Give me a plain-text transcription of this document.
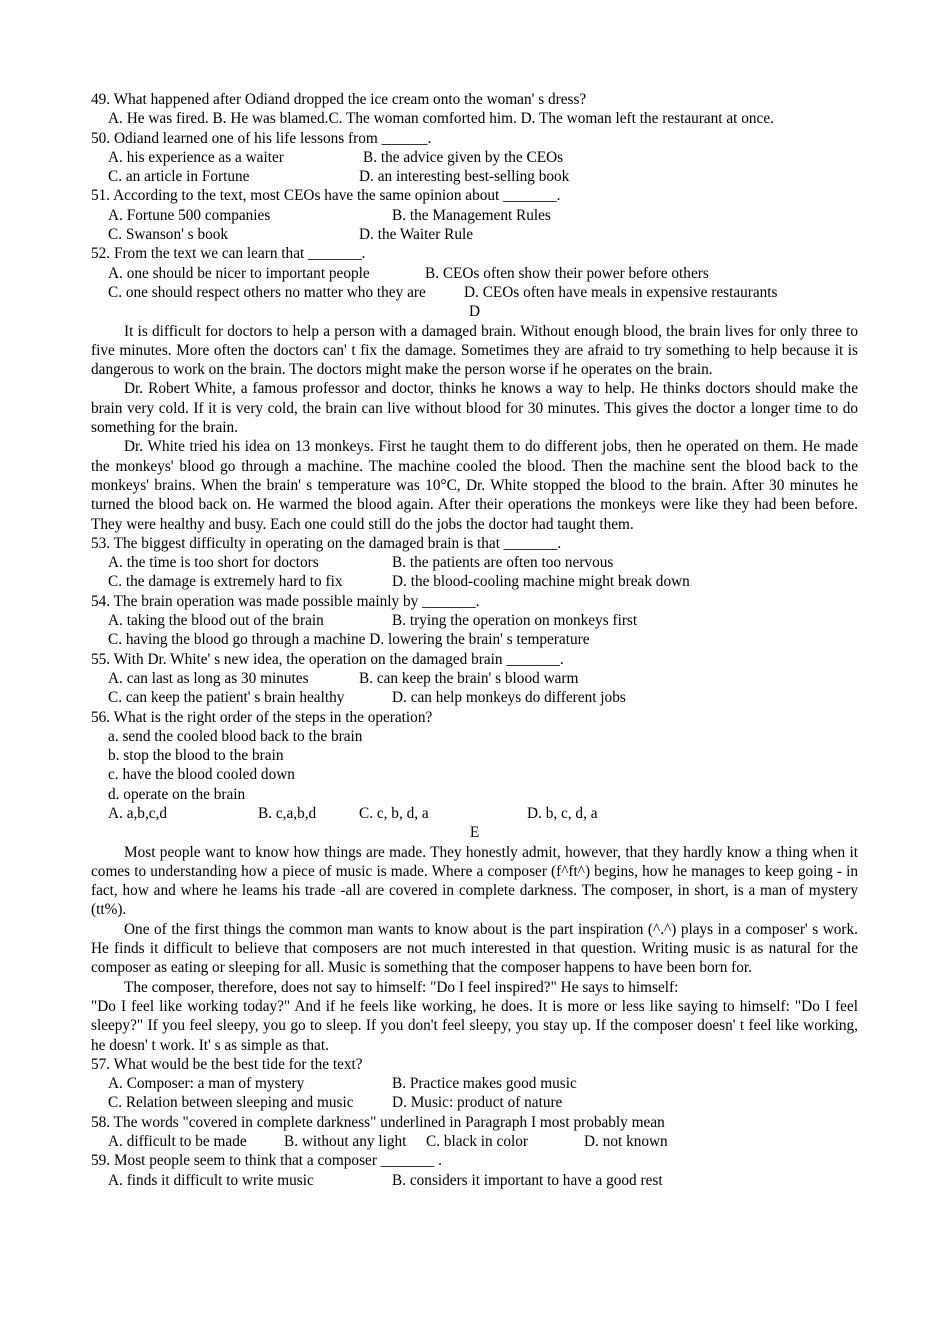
49. What happened after Odiand dropped the ice cream onto the woman' s dress?
A. He was fired. B. He was blamed.C. The woman comforted him. D. The woman left the restaurant at once.
50. Odiand learned one of his life lessons from ______.

A. his experience as a waiter

	B. the advice given by the CEOs

C. an article in Fortune

	D. an interesting best-selling book

51. According to the text, most CEOs have the same opinion about _______.

A. Fortune 500 companies

	B. the Management Rules

C. Swanson' s book

	D. the Waiter Rule

52. From the text we can learn that _______.

A. one should be nicer to important people

	B. CEOs often show their power before others

C. one should respect others no matter who they are

	D. CEOs often have meals in expensive restaurants

D
It is difficult for doctors to help a person with a damaged brain. Without enough blood, the brain lives for only three to five minutes. More often the doctors can' t fix the damage. Sometimes they are afraid to try something to help because it is dangerous to work on the brain. The doctors might make the person worse if he operates on the brain.
Dr. Robert White, a famous professor and doctor, thinks he knows a way to help. He thinks doctors should make the brain very cold. If it is very cold, the brain can live without blood for 30 minutes. This gives the doctor a longer time to do something for the brain.
Dr. White tried his idea on 13 monkeys. First he taught them to do different jobs, then he operated on them. He made the monkeys' blood go through a machine. The machine cooled the blood. Then the machine sent the blood back to the monkeys' brains. When the brain' s temperature was 10°C, Dr. White stopped the blood to the brain. After 30 minutes he turned the blood back on. He warmed the blood again. After their operations the monkeys were like they had been before. They were healthy and busy. Each one could still do the jobs the doctor had taught them.
53. The biggest difficulty in operating on the damaged brain is that _______.

A. the time is too short for doctors

	B. the patients are often too nervous

C. the damage is extremely hard to fix

	D. the blood-cooling machine might break down

54. The brain operation was made possible mainly by _______.

A. taking the blood out of the brain

	B. trying the operation on monkeys first

C. having the blood go through a machine D. lowering the brain' s temperature
55. With Dr. White' s new idea, the operation on the damaged brain _______.

A. can last as long as 30 minutes

	B. can keep the brain' s blood warm

C. can keep the patient' s brain healthy

	D. can help monkeys do different jobs

56. What is the right order of the steps in the operation?
a. send the cooled blood back to the brain
b. stop the blood to the brain
c. have the blood cooled down
d. operate on the brain

A. a,b,c,d

	B. c,a,b,d

	C. c, b, d, a

	D. b, c, d, a

E
Most people want to know how things are made. They honestly admit, however, that they hardly know a thing when it comes to understanding how a piece of music is made. Where a composer (f^ft^) begins, how he manages to keep going - in fact, how and where he leams his trade -all are covered in complete darkness. The composer, in short, is a man of mystery (tt%).
One of the first things the common man wants to know about is the part inspiration (^.^) plays in a composer' s work. He finds it difficult to believe that composers are not much interested in that question. Writing music is as natural for the composer as eating or sleeping for all. Music is something that the composer happens to have been born for.
The composer, therefore, does not say to himself: "Do I feel inspired?" He says to himself:
"Do I feel like working today?" And if he feels like working, he does. It is more or less like saying to himself: "Do I feel sleepy?" If you feel sleepy, you go to sleep. If you don't feel sleepy, you stay up. If the composer doesn' t feel like working, he doesn' t work. It' s as simple as that.
57. What would be the best tide for the text?

A. Composer: a man of mystery

	B. Practice makes good music

C. Relation between sleeping and music

	D. Music: product of nature

58. The words "covered in complete darkness" underlined in Paragraph I most probably mean

A. difficult to be made

B. without any light

C. black in color

	D. not known

59. Most people seem to think that a composer _______ .

A. finds it difficult to write music

	B. considers it important to have a good rest
